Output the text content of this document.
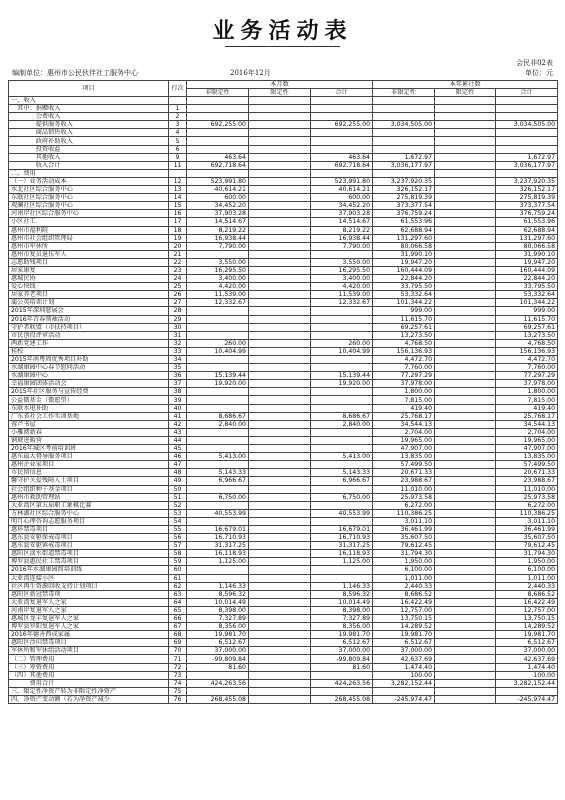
业务活动表
会民非02表
编制单位：惠州市公民伙伴社工服务中心	2016年12月	单位：元
项目	行次	本月数			本年累计数		
		非限定性	限定性	合计	非限定性	限定性	合计
一、收入							
　其中：捐赠收入	1						
　　　　会费收入	2						
　　　　提供服务收入	3	692,255.00		692,255.00	3,034,505.00		3,034,505.00
　　　　商品销售收入	4						
　　　　政府补助收入	5						
　　　　投资收益	6						
　　　　其他收入	9	463.64		463.64	1,672.97		1,672.97
　　　　收入合计	11	692,718.64		692,718.64	3,036,177.97		3,036,177.97
二、费用							
（一）业务活动成本	12	523,991.80		523,991.80	3,237,920.35		3,237,920.35
水北社区综合服务中心	13	40,614.21		40,614.21	326,152.17		326,152.17
东联社区综合服务中心	14	600.00		600.00	275,819.39		275,819.39
观澜社区综合服务中心	15	34,452.20		34,452.20	373,377.54		373,377.54
河南岸社区综合服务中心	16	37,903.28		37,903.28	376,759.24		376,759.24
小区社工	17	14,514.67		14,514.67	61,553.96		61,553.96
惠州市福利院	18	8,219.22		8,219.22	62,688.94		62,688.94
惠州市社会组织管理局	19	16,938.44		16,938.44	131,297.60		131,297.60
惠州市军休所	20	7,790.00		7,790.00	80,066.58		80,066.58
惠州市复员退伍军人	21				31,990.10		31,990.10
志愿助残项目	22	3,550.00		3,550.00	19,947.20		19,947.20
居家康复	23	16,295.50		16,295.50	160,444.09		160,444.09
惠城民协	24	3,400.00		3,400.00	22,844.20		22,844.20
爱心快线	25	4,420.00		4,420.00	33,795.50		33,795.50
居家养老项目	26	11,539.00		11,539.00	53,332.64		53,332.64
蒲公英培训计划	27	12,332.67		12,332.67	101,344.22		101,344.22
2015年深圳慈展会	28				999.00		999.00
2016年青春领袖活动	29				11,615.70		11,615.70
守护者联盟（市扶持项目）	30				69,257.61		69,257.61
市民创投评审活动	31				13,273.50		13,273.50
两新党建工作	32	260.00		260.00	4,768.50		4,768.50
桂校	33	10,404.99		10,404.99	156,136.93		156,136.93
2015年南粤周优秀项目补助	34				4,472.70		4,472.70
水湖康园中心春节慰问活动	35				7,760.00		7,760.00
水湖康园中心	36	15,139.44		15,139.44	77,297.29		77,297.29
幸福康园团体活动会	37	19,920.00		19,920.00	37,978.00		37,978.00
2015年社区服务与宣传经费	38				1,800.00		1,800.00
公益微基金（微愿望）	39				7,815.00		7,815.00
东联水电补助	40				419.40		419.40
广东省社会工作实训基地	41	8,686.67		8,686.67	25,768.17		25,768.17
蓉芦书屋	42	2,840.00		2,840.00	34,544.13		34,544.13
小雁阅新春	43				2,704.00		2,704.00
钢琥进暖营	44				19,965.00		19,965.00
2016年城区考前培训班	45				47,907.00		47,907.00
惠东最大督导服务项目	46	5,413.00		5,413.00	13,835.00		13,835.00
惠州企业家项目	47				57,499.50		57,499.50
市民留信息	48	5,143.33		5,143.33	20,671.33		20,671.33
馨守护关爱残障人士项目	49	6,966.67		6,966.67	23,988.67		23,988.67
社会组织种子基金项目	50				11,010.00		11,010.00
惠州市救助管理站	51	6,750.00		6,750.00	25,973.58		25,973.58
大亚湾区第五届职工象棋比赛	52				6,272.00		6,272.00
方林湖社区综合服务中心	53	40,553.99		40,553.99	110,386.25		110,386.25
明月心理咨询志愿服务项目	54				3,011.10		3,011.10
惠环禁毒项目	55	16,679.01		16,679.01	36,461.99		36,461.99
惠东县安驱保戒毒项目	56	16,710.93		16,710.93	35,607.50		35,607.50
惠东县安驱镇戒毒项目	57	31,317.25		31,317.25	79,612.45		79,612.45
惠阳区淡水街道禁毒项目	58	16,118.93		16,118.93	31,794.30		31,794.30
博罗县惠民社工禁毒项目	59	1,125.00		1,125.00	1,950.00		1,950.00
2016年水湖康园简培训练	60				6,100.00		6,100.00
大亚湾连接小区	61				1,011.00		1,011.00
社区再生资源回收支持计划项目	62	1,146.33		1,146.33	2,440.33		2,440.33
惠阳区新冠禁毒项	63	8,596.32		8,596.32	8,686.52		8,686.52
大亚湾复退军人之家	64	10,014.49		10,014.49	16,422.49		16,422.49
河南岸复退军人之家	65	8,398.00		8,398.00	12,757.00		12,757.00
惠城区龙丰复退军人之家	66	7,327.89		7,327.89	13,750.15		13,750.15
博罗县罗阳复退军人之家	67	8,356.00		8,356.00	14,289.52		14,289.52
2016年德善西成家属	68	19,981.70		19,981.70	19,981.70		19,981.70
惠阳区沙田禁毒项目	69	6,512.67		6,512.67	6,512.67		6,512.67
军休所和军休组活动项目	70	37,000.00		37,000.00	37,000.00		37,000.00
（二）管理费用	71	-99,809.84		-99,809.84	42,637.69		42,637.69
（三）筹资费用	72	81.60		81.60	1,474.40		1,474.40
（四）其他费用	73				100.00		100.00
　　　费用合计	74	424,263.56		424,263.56	3,282,152.44		3,282,152.44
三、限定性净资产转为非限定性净资产	75						
四、净资产变动额（若为净资产减少	76	268,455.08		268,455.08	-245,974.47		-245,974.47
